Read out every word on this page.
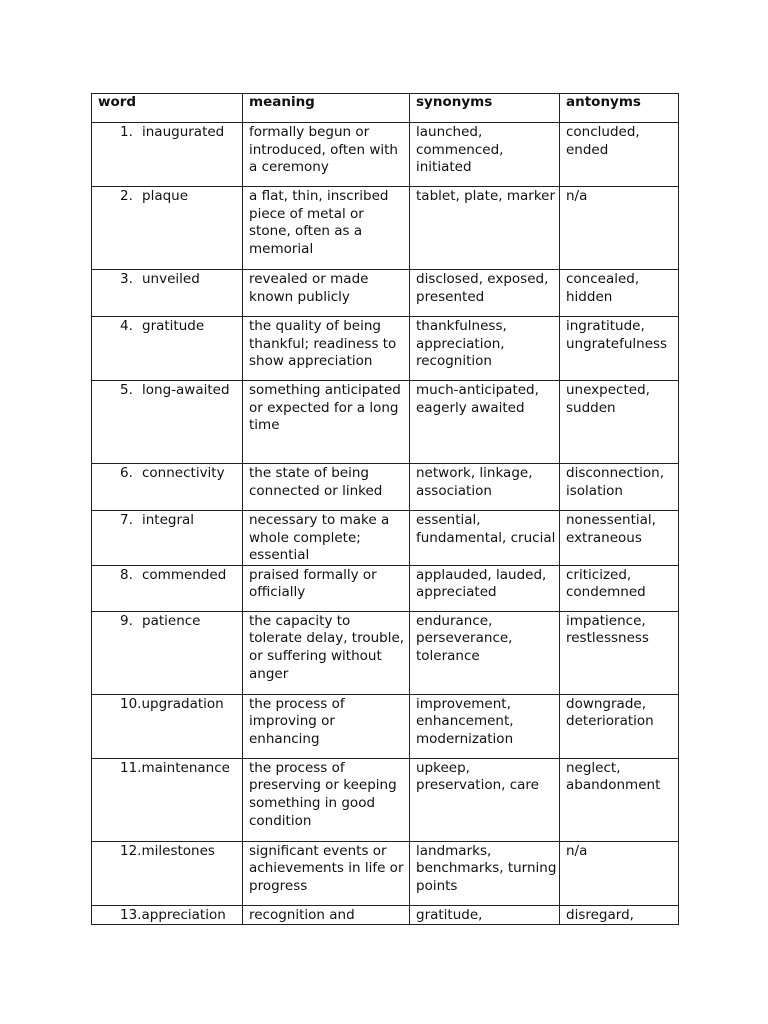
word	meaning	synonyms	antonyms
1. inaugurated	formally begun or introduced, often with a ceremony	launched, commenced, initiated	concluded, ended
2. plaque	a flat, thin, inscribed piece of metal or stone, often as a memorial	tablet, plate, marker	n/a
3. unveiled	revealed or made known publicly	disclosed, exposed, presented	concealed, hidden
4. gratitude	the quality of being thankful; readiness to show appreciation	thankfulness, appreciation, recognition	ingratitude, ungratefulness
5. long-awaited	something anticipated or expected for a long time	much-anticipated, eagerly awaited	unexpected, sudden
6. connectivity	the state of being connected or linked	network, linkage, association	disconnection, isolation
7. integral	necessary to make a whole complete; essential	essential, fundamental, crucial	nonessential, extraneous
8. commended	praised formally or officially	applauded, lauded, appreciated	criticized, condemned
9. patience	the capacity to tolerate delay, trouble, or suffering without anger	endurance, perseverance, tolerance	impatience, restlessness
10.upgradation	the process of improving or enhancing	improvement, enhancement, modernization	downgrade, deterioration
11.maintenance	the process of preserving or keeping something in good condition	upkeep, preservation, care	neglect, abandonment
12.milestones	significant events or achievements in life or progress	landmarks, benchmarks, turning points	n/a
13.appreciation	recognition and	gratitude,	disregard,
